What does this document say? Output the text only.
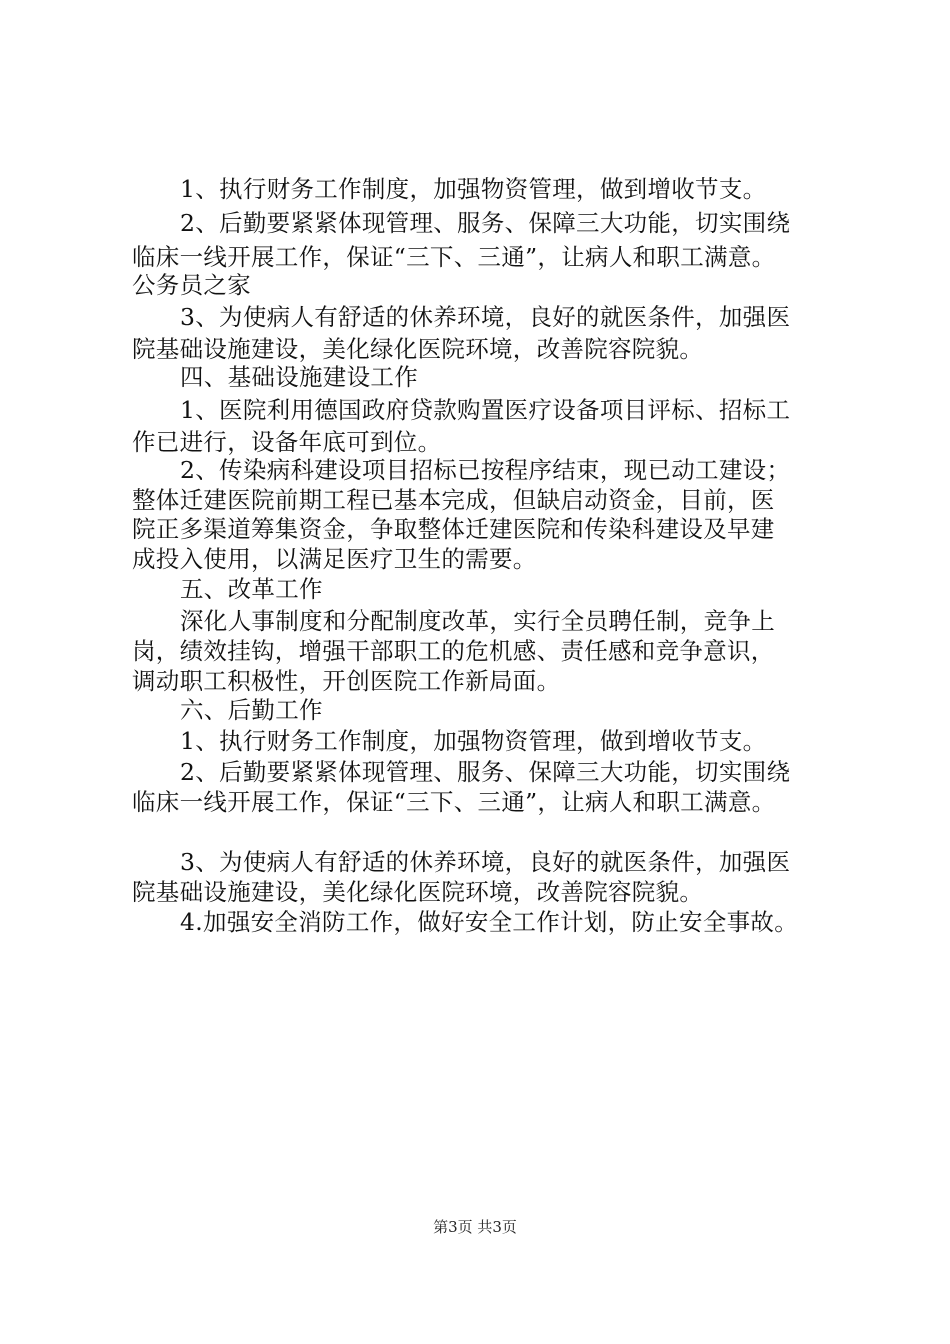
1、执行财务工作制度，加强物资管理，做到增收节支。
2、后勤要紧紧体现管理、服务、保障三大功能，切实围绕
临床一线开展工作，保证“三下、三通”，让病人和职工满意。
公务员之家
3、为使病人有舒适的休养环境，良好的就医条件，加强医
院基础设施建设，美化绿化医院环境，改善院容院貌。
四、基础设施建设工作
1、医院利用德国政府贷款购置医疗设备项目评标、招标工
作已进行，设备年底可到位。
2、传染病科建设项目招标已按程序结束，现已动工建设；
整体迁建医院前期工程已基本完成，但缺启动资金，目前，医
院正多渠道筹集资金，争取整体迁建医院和传染科建设及早建
成投入使用，以满足医疗卫生的需要。
五、改革工作
深化人事制度和分配制度改革，实行全员聘任制，竞争上
岗，绩效挂钩，增强干部职工的危机感、责任感和竞争意识，
调动职工积极性，开创医院工作新局面。
六、后勤工作
1、执行财务工作制度，加强物资管理，做到增收节支。
2、后勤要紧紧体现管理、服务、保障三大功能，切实围绕
临床一线开展工作，保证“三下、三通”，让病人和职工满意。
3、为使病人有舒适的休养环境，良好的就医条件，加强医
院基础设施建设，美化绿化医院环境，改善院容院貌。
4.加强安全消防工作，做好安全工作计划，防止安全事故。
第3页 共3页
